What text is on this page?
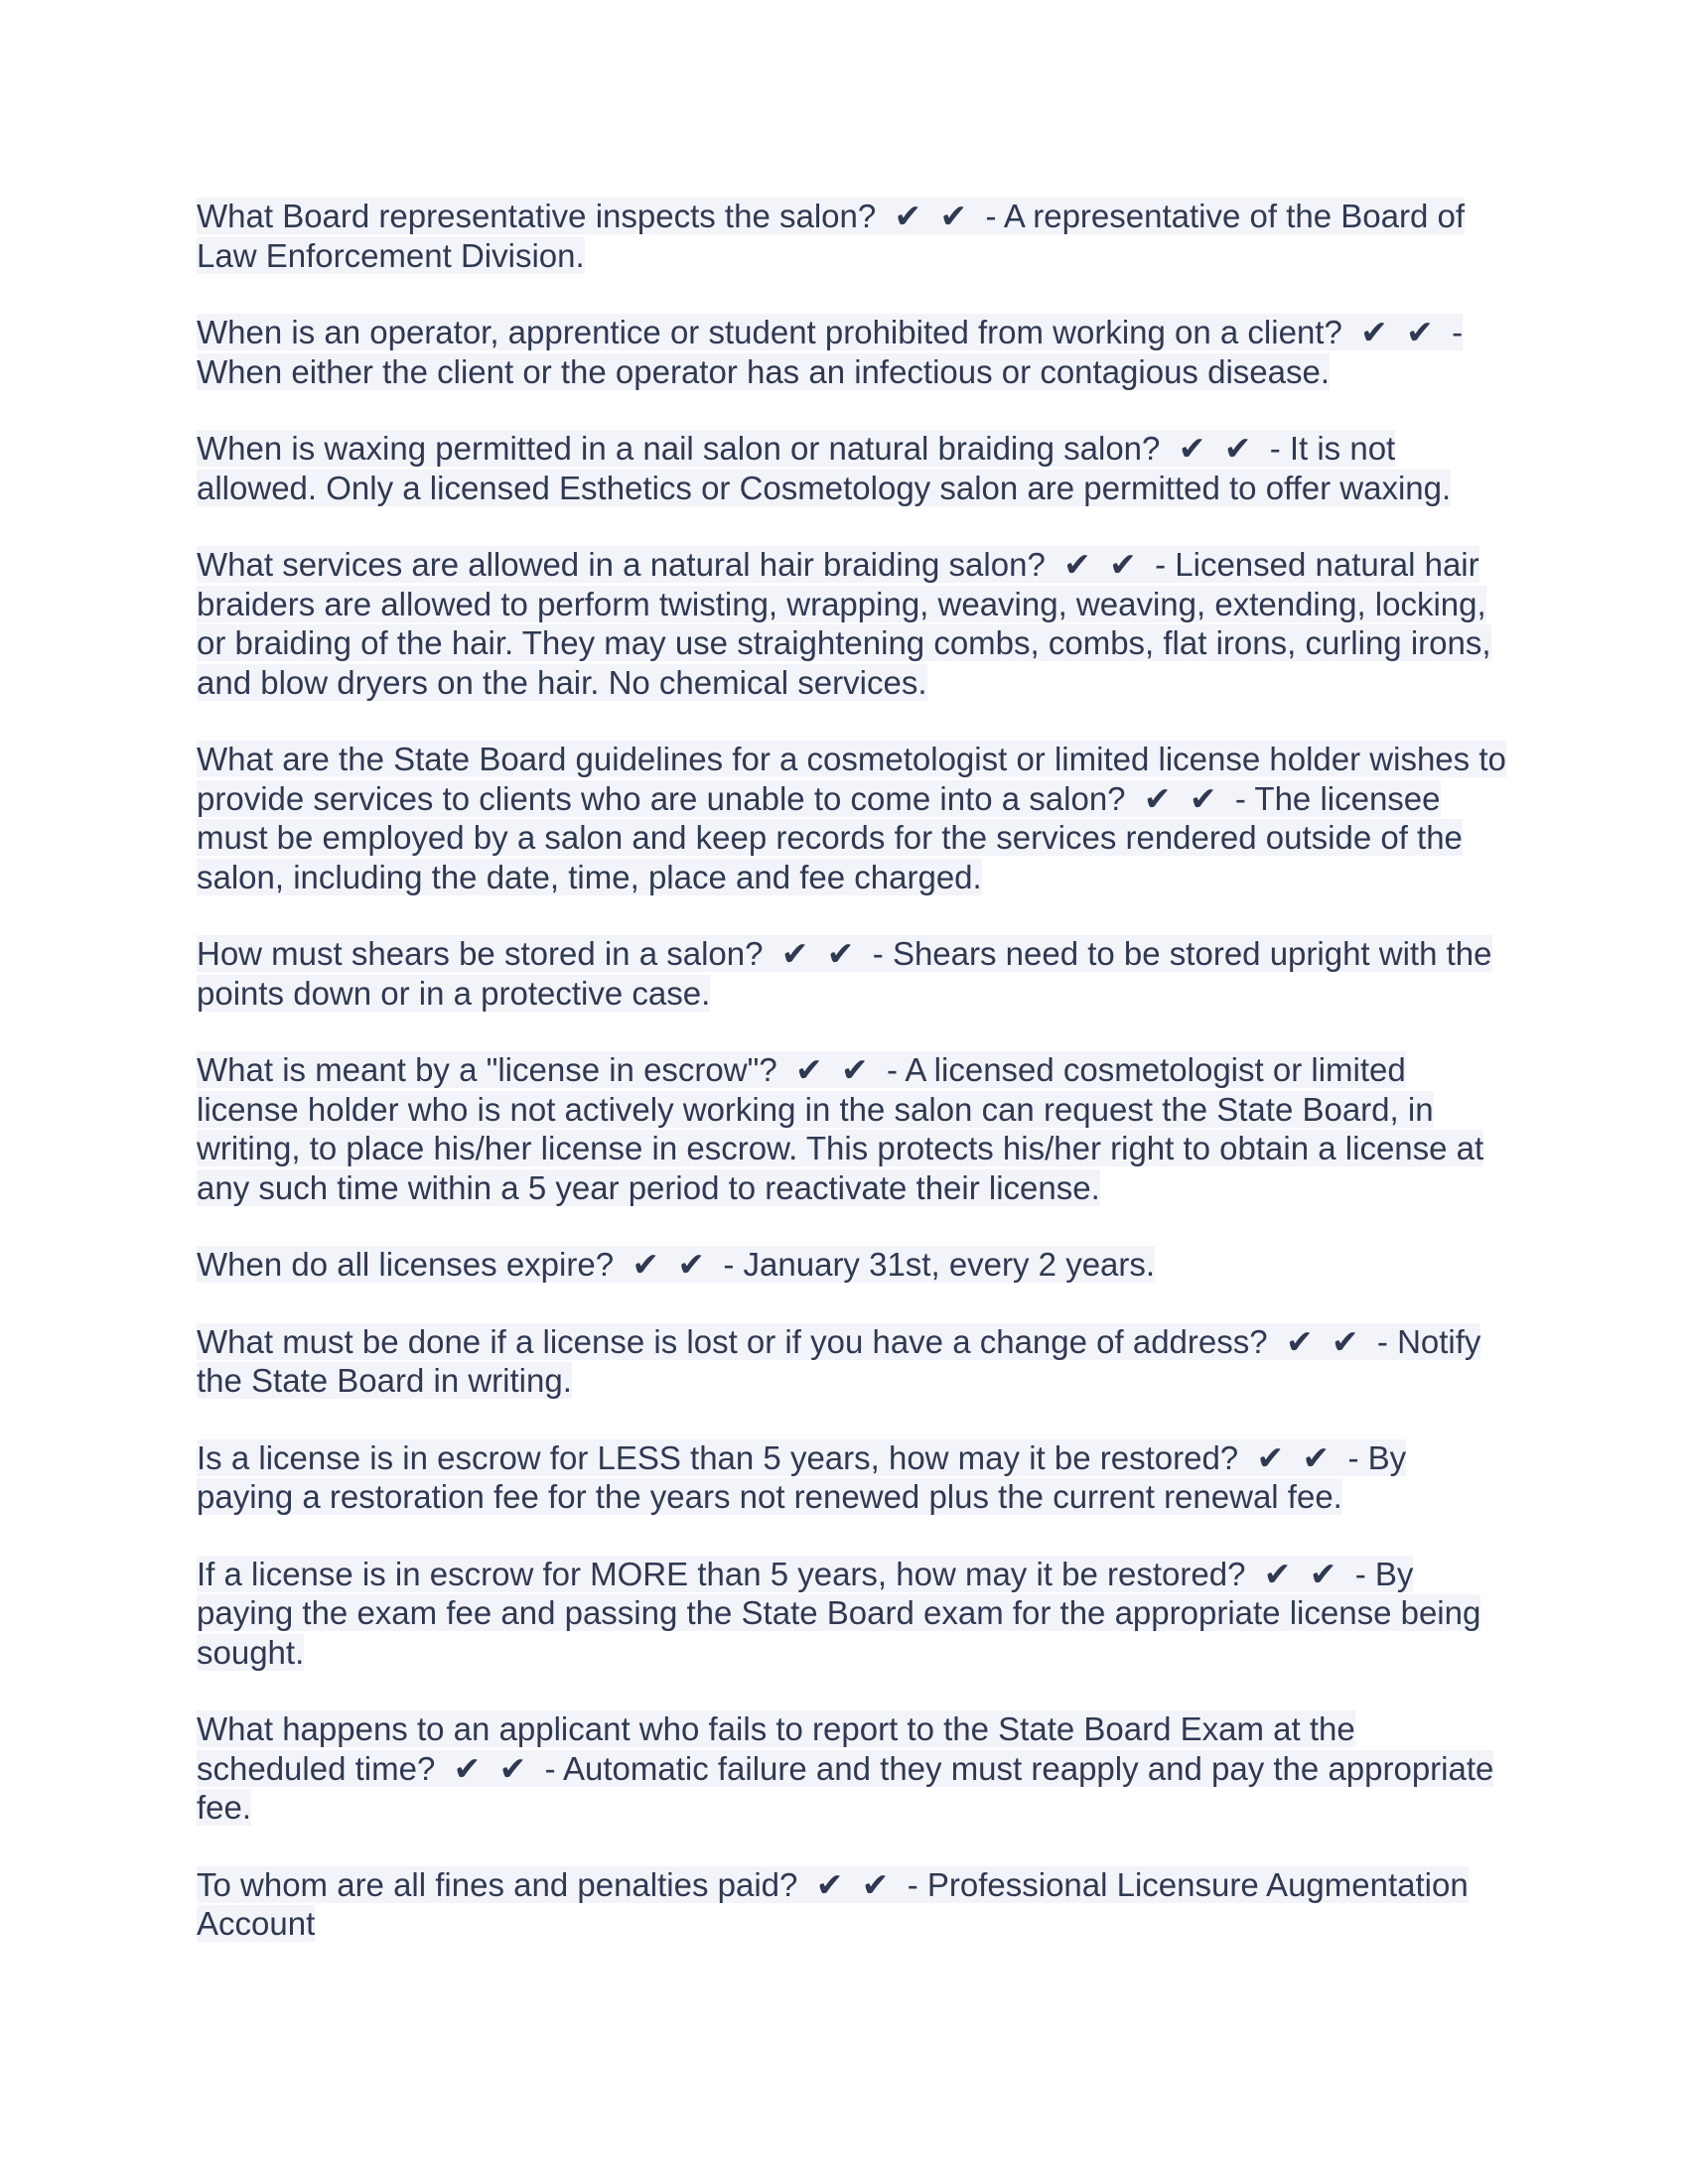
What Board representative inspects the salon?  ✔  ✔  - A representative of the Board of Law Enforcement Division.

When is an operator, apprentice or student prohibited from working on a client?  ✔  ✔  - When either the client or the operator has an infectious or contagious disease.

When is waxing permitted in a nail salon or natural braiding salon?  ✔  ✔  - It is not allowed. Only a licensed Esthetics or Cosmetology salon are permitted to offer waxing.

What services are allowed in a natural hair braiding salon?  ✔  ✔  - Licensed natural hair braiders are allowed to perform twisting, wrapping, weaving, weaving, extending, locking, or braiding of the hair. They may use straightening combs, combs, flat irons, curling irons, and blow dryers on the hair. No chemical services.

What are the State Board guidelines for a cosmetologist or limited license holder wishes to provide services to clients who are unable to come into a salon?  ✔  ✔  - The licensee must be employed by a salon and keep records for the services rendered outside of the salon, including the date, time, place and fee charged.

How must shears be stored in a salon?  ✔  ✔  - Shears need to be stored upright with the points down or in a protective case.

What is meant by a "license in escrow"?  ✔  ✔  - A licensed cosmetologist or limited license holder who is not actively working in the salon can request the State Board, in writing, to place his/her license in escrow. This protects his/her right to obtain a license at any such time within a 5 year period to reactivate their license.

When do all licenses expire?  ✔  ✔  - January 31st, every 2 years.

What must be done if a license is lost or if you have a change of address?  ✔  ✔  - Notify the State Board in writing.

Is a license is in escrow for LESS than 5 years, how may it be restored?  ✔  ✔  - By paying a restoration fee for the years not renewed plus the current renewal fee.

If a license is in escrow for MORE than 5 years, how may it be restored?  ✔  ✔  - By paying the exam fee and passing the State Board exam for the appropriate license being sought.

What happens to an applicant who fails to report to the State Board Exam at the scheduled time?  ✔  ✔  - Automatic failure and they must reapply and pay the appropriate fee.

To whom are all fines and penalties paid?  ✔  ✔  - Professional Licensure Augmentation Account
